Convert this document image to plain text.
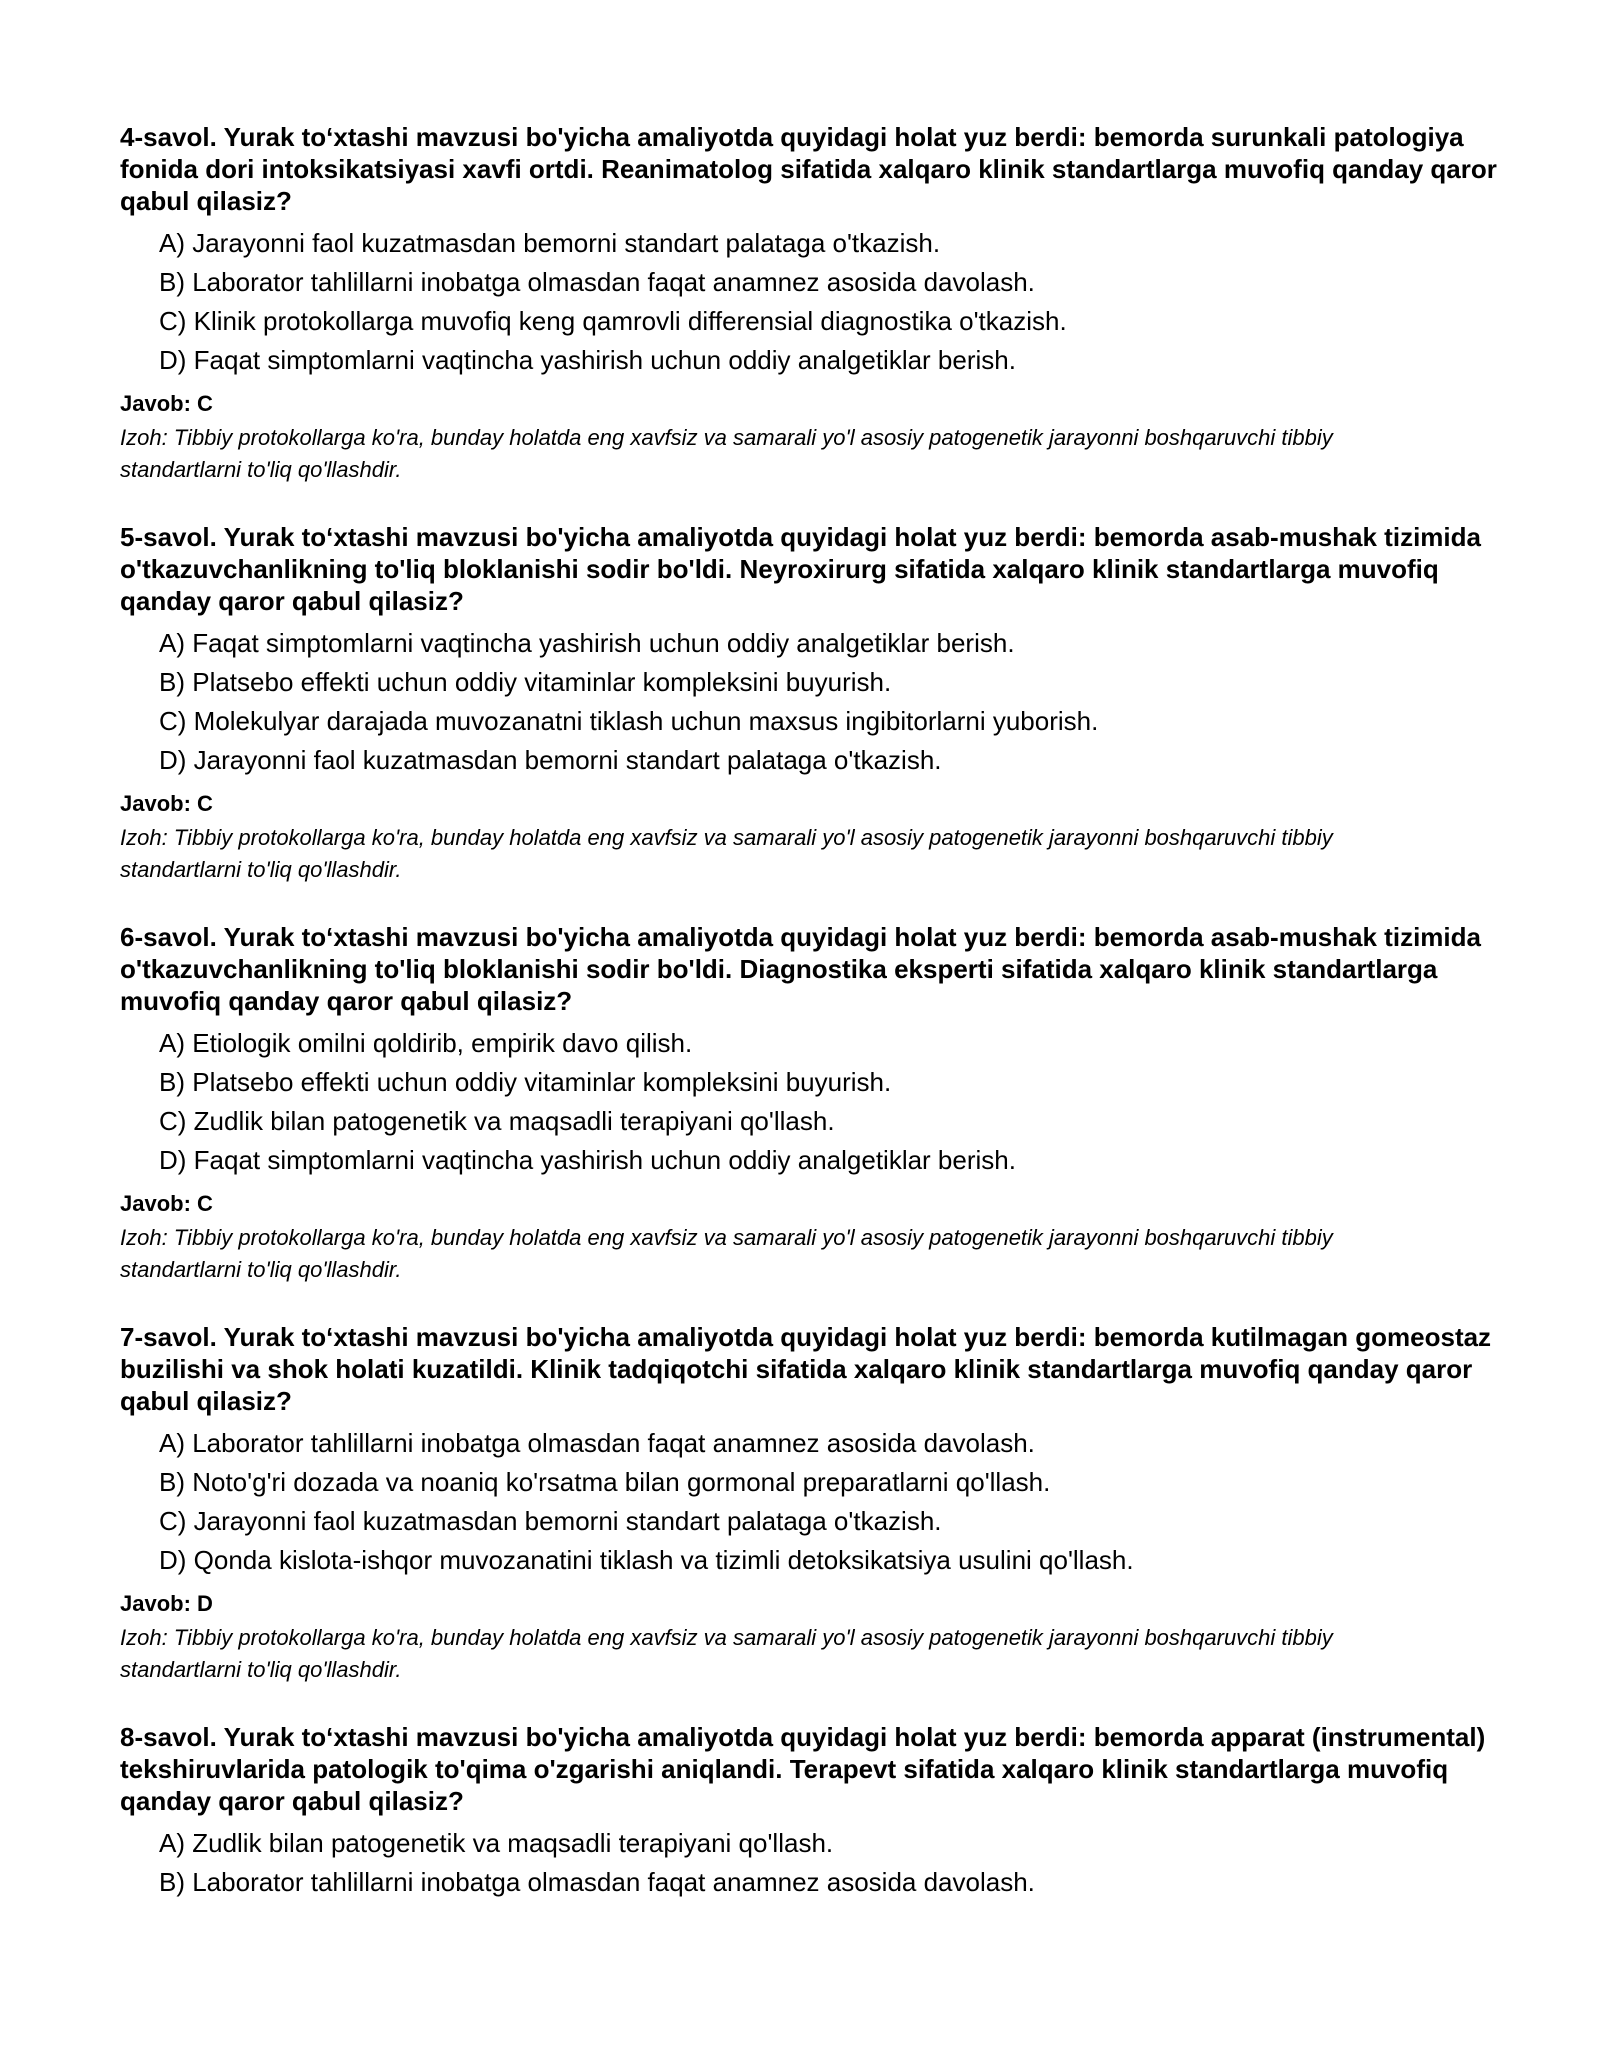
4-savol. Yurak to‘xtashi mavzusi bo'yicha amaliyotda quyidagi holat yuz berdi: bemorda surunkali patologiya fonida dori intoksikatsiyasi xavfi ortdi. Reanimatolog sifatida xalqaro klinik standartlarga muvofiq qanday qaror qabul qilasiz?
A) Jarayonni faol kuzatmasdan bemorni standart palataga o'tkazish.
B) Laborator tahlillarni inobatga olmasdan faqat anamnez asosida davolash.
C) Klinik protokollarga muvofiq keng qamrovli differensial diagnostika o'tkazish.
D) Faqat simptomlarni vaqtincha yashirish uchun oddiy analgetiklar berish.
Javob: C
Izoh: Tibbiy protokollarga ko'ra, bunday holatda eng xavfsiz va samarali yo'l asosiy patogenetik jarayonni boshqaruvchi tibbiy standartlarni to'liq qo'llashdir.
5-savol. Yurak to‘xtashi mavzusi bo'yicha amaliyotda quyidagi holat yuz berdi: bemorda asab-mushak tizimida o'tkazuvchanlikning to'liq bloklanishi sodir bo'ldi. Neyroxirurg sifatida xalqaro klinik standartlarga muvofiq qanday qaror qabul qilasiz?
A) Faqat simptomlarni vaqtincha yashirish uchun oddiy analgetiklar berish.
B) Platsebo effekti uchun oddiy vitaminlar kompleksini buyurish.
C) Molekulyar darajada muvozanatni tiklash uchun maxsus ingibitorlarni yuborish.
D) Jarayonni faol kuzatmasdan bemorni standart palataga o'tkazish.
Javob: C
Izoh: Tibbiy protokollarga ko'ra, bunday holatda eng xavfsiz va samarali yo'l asosiy patogenetik jarayonni boshqaruvchi tibbiy standartlarni to'liq qo'llashdir.
6-savol. Yurak to‘xtashi mavzusi bo'yicha amaliyotda quyidagi holat yuz berdi: bemorda asab-mushak tizimida o'tkazuvchanlikning to'liq bloklanishi sodir bo'ldi. Diagnostika eksperti sifatida xalqaro klinik standartlarga muvofiq qanday qaror qabul qilasiz?
A) Etiologik omilni qoldirib, empirik davo qilish.
B) Platsebo effekti uchun oddiy vitaminlar kompleksini buyurish.
C) Zudlik bilan patogenetik va maqsadli terapiyani qo'llash.
D) Faqat simptomlarni vaqtincha yashirish uchun oddiy analgetiklar berish.
Javob: C
Izoh: Tibbiy protokollarga ko'ra, bunday holatda eng xavfsiz va samarali yo'l asosiy patogenetik jarayonni boshqaruvchi tibbiy standartlarni to'liq qo'llashdir.
7-savol. Yurak to‘xtashi mavzusi bo'yicha amaliyotda quyidagi holat yuz berdi: bemorda kutilmagan gomeostaz buzilishi va shok holati kuzatildi. Klinik tadqiqotchi sifatida xalqaro klinik standartlarga muvofiq qanday qaror qabul qilasiz?
A) Laborator tahlillarni inobatga olmasdan faqat anamnez asosida davolash.
B) Noto'g'ri dozada va noaniq ko'rsatma bilan gormonal preparatlarni qo'llash.
C) Jarayonni faol kuzatmasdan bemorni standart palataga o'tkazish.
D) Qonda kislota-ishqor muvozanatini tiklash va tizimli detoksikatsiya usulini qo'llash.
Javob: D
Izoh: Tibbiy protokollarga ko'ra, bunday holatda eng xavfsiz va samarali yo'l asosiy patogenetik jarayonni boshqaruvchi tibbiy standartlarni to'liq qo'llashdir.
8-savol. Yurak to‘xtashi mavzusi bo'yicha amaliyotda quyidagi holat yuz berdi: bemorda apparat (instrumental) tekshiruvlarida patologik to'qima o'zgarishi aniqlandi. Terapevt sifatida xalqaro klinik standartlarga muvofiq qanday qaror qabul qilasiz?
A) Zudlik bilan patogenetik va maqsadli terapiyani qo'llash.
B) Laborator tahlillarni inobatga olmasdan faqat anamnez asosida davolash.
